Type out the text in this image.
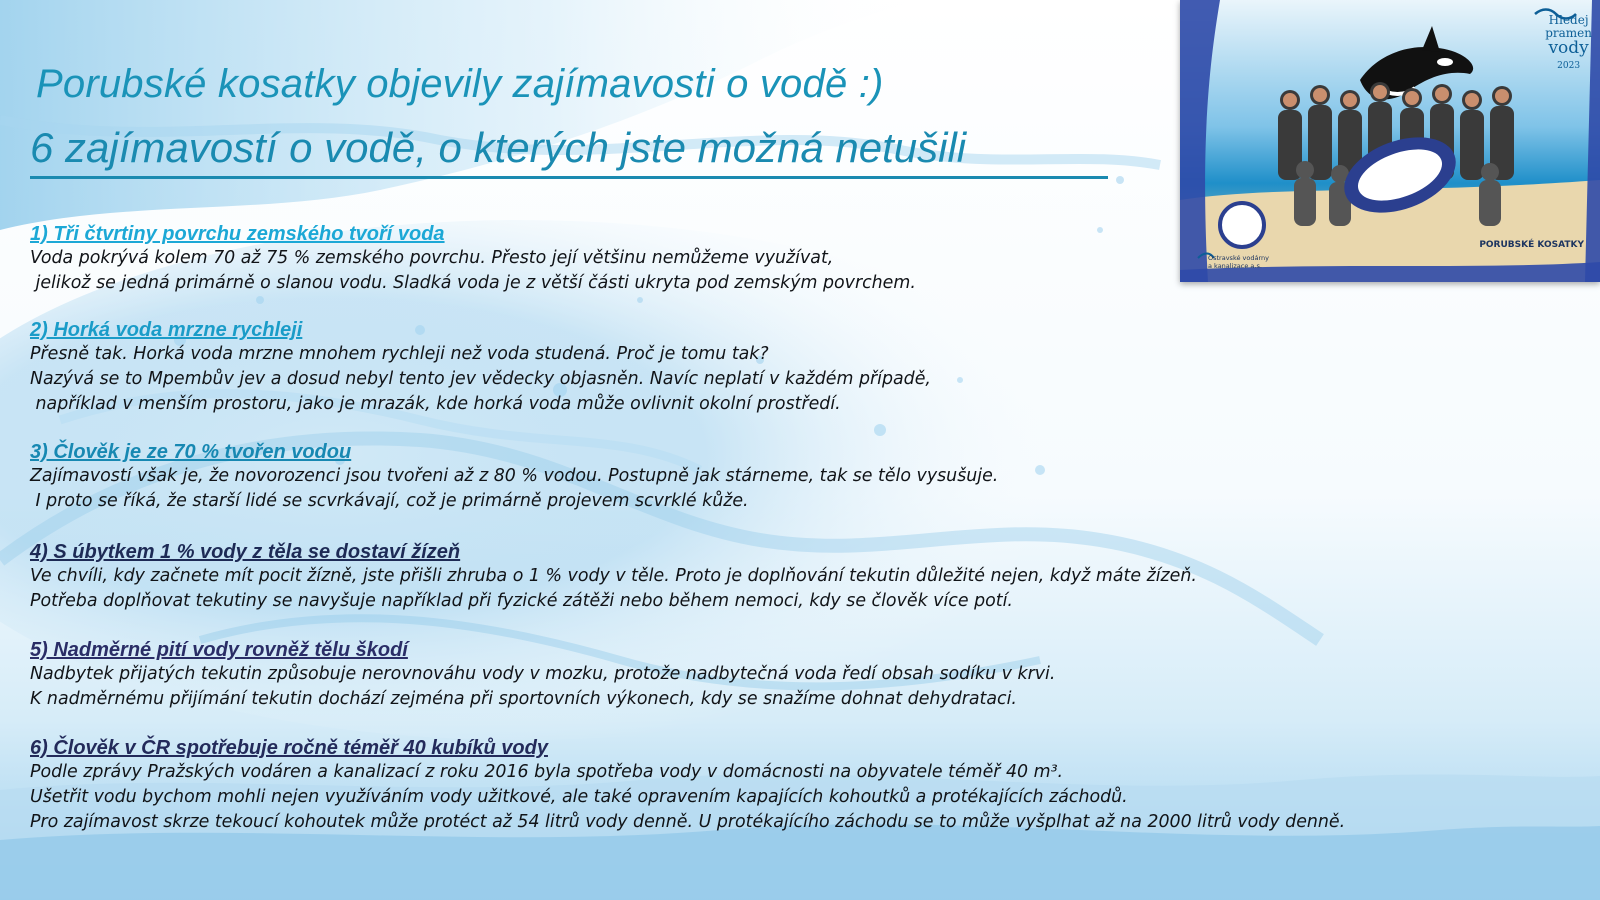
Porubské kosatky objevily zajímavosti o vodě :)
6 zajímavostí o vodě, o kterých jste možná netušili
1) Tři čtvrtiny povrchu zemského tvoří voda
Voda pokrývá kolem 70 až 75 % zemského povrchu. Přesto její většinu nemůžeme využívat,
jelikož se jedná primárně o slanou vodu. Sladká voda je z větší části ukryta pod zemským povrchem.
2) Horká voda mrzne rychleji
Přesně tak. Horká voda mrzne mnohem rychleji než voda studená. Proč je tomu tak?
Nazývá se to Mpembův jev a dosud nebyl tento jev vědecky objasněn. Navíc neplatí v každém případě,
například v menším prostoru, jako je mrazák, kde horká voda může ovlivnit okolní prostředí.
3) Člověk je ze 70 % tvořen vodou
Zajímavostí však je, že novorozenci jsou tvořeni až z 80 % vodou. Postupně jak stárneme, tak se tělo vysušuje.
I proto se říká, že starší lidé se scvrkávají, což je primárně projevem scvrklé kůže.
4) S úbytkem 1 % vody z těla se dostaví žízeň
Ve chvíli, kdy začnete mít pocit žízně, jste přišli zhruba o 1 % vody v těle. Proto je doplňování tekutin důležité nejen, když máte žízeň.
Potřeba doplňovat tekutiny se navyšuje například při fyzické zátěži nebo během nemoci, kdy se člověk více potí.
5) Nadměrné pití vody rovněž tělu škodí
Nadbytek přijatých tekutin způsobuje nerovnováhu vody v mozku, protože nadbytečná voda ředí obsah sodíku v krvi.
K nadměrnému přijímání tekutin dochází zejména při sportovních výkonech, kdy se snažíme dohnat dehydrataci.
6) Člověk v ČR spotřebuje ročně téměř 40 kubíků vody
Podle zprávy Pražských vodáren a kanalizací z roku 2016 byla spotřeba vody v domácnosti na obyvatele téměř 40 m³.
Ušetřit vodu bychom mohli nejen využíváním vody užitkové, ale také opravením kapajících kohoutků a protékajících záchodů.
Pro zajímavost skrze tekoucí kohoutek může protéct až 54 litrů vody denně. U protékajícího záchodu se to může vyšplhat až na 2000 litrů vody denně.
Hledej
pramen
vody
2023
PORUBSKÉ KOSATKY
Ostravské vodárny
a kanalizace a.s.
